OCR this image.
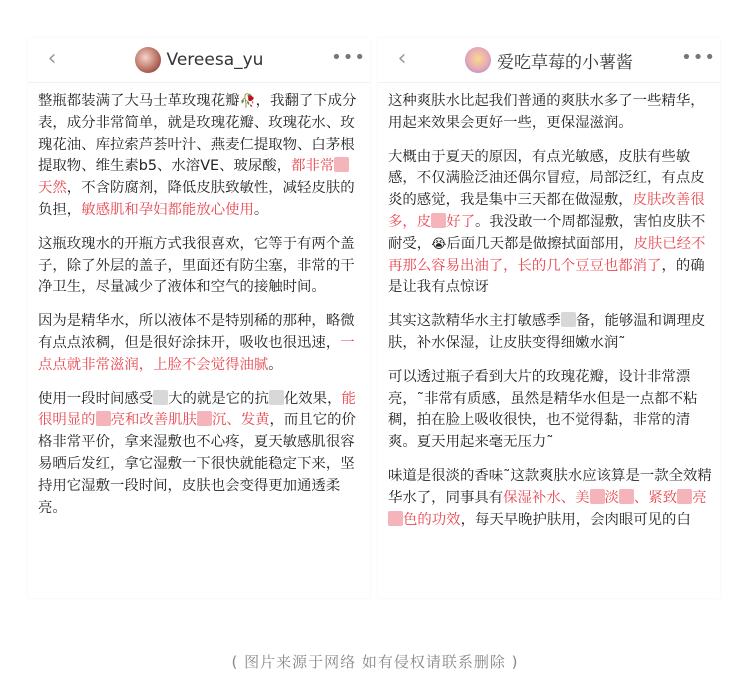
‹	Vereesa_yu	•••

整瓶都装满了大马士革玫瑰花瓣🥀，我翻了下成分表，成分非常简单，就是玫瑰花瓣、玫瑰花水、玫瑰花油、库拉索芦荟叶汁、燕麦仁提取物、白茅根提取物、维生素b5、水溶VE、玻尿酸，都非常天然，不含防腐剂，降低皮肤致敏性，减轻皮肤的负担，敏感肌和孕妇都能放心使用。

这瓶玫瑰水的开瓶方式我很喜欢，它等于有两个盖子，除了外层的盖子，里面还有防尘塞，非常的干净卫生，尽量减少了液体和空气的接触时间。

因为是精华水，所以液体不是特别稀的那种，略微有点点浓稠，但是很好涂抹开，吸收也很迅速，一点点就非常滋润，上脸不会觉得油腻。

使用一段时间感受 大的就是它的抗 化效果，能很明显的 亮和改善肌肤 沉、发黄，而且它的价格非常平价，拿来湿敷也不心疼，夏天敏感肌很容易晒后发红，拿它湿敷一下很快就能稳定下来，坚持用它湿敷一段时间，皮肤也会变得更加通透柔亮。

‹	爱吃草莓的小薯酱	•••

这种爽肤水比起我们普通的爽肤水多了一些精华，用起来效果会更好一些，更保湿滋润。

大概由于夏天的原因，有点光敏感，皮肤有些敏感，不仅满脸泛油还偶尔冒痘，局部泛红，有点皮炎的感觉，我是集中三天都在做湿敷，皮肤改善很多，皮 好了。我没敢一个周都湿敷，害怕皮肤不耐受，😭后面几天都是做擦拭面部用，皮肤已经不再那么容易出油了，长的几个豆豆也都消了，的确是让我有点惊讶

其实这款精华水主打敏感季 备，能够温和调理皮肤，补水保湿，让皮肤变得细嫩水润˜

可以透过瓶子看到大片的玫瑰花瓣，设计非常漂亮，˜非常有质感，虽然是精华水但是一点都不粘稠，拍在脸上吸收很快，也不觉得黏，非常的清爽。夏天用起来毫无压力˜

味道是很淡的香味˜这款爽肤水应该算是一款全效精华水了，同事具有保湿补水、美 淡 、紧致 亮色的功效，每天早晚护肤用，会肉眼可见的白

( 图片来源于网络 如有侵权请联系删除 )
